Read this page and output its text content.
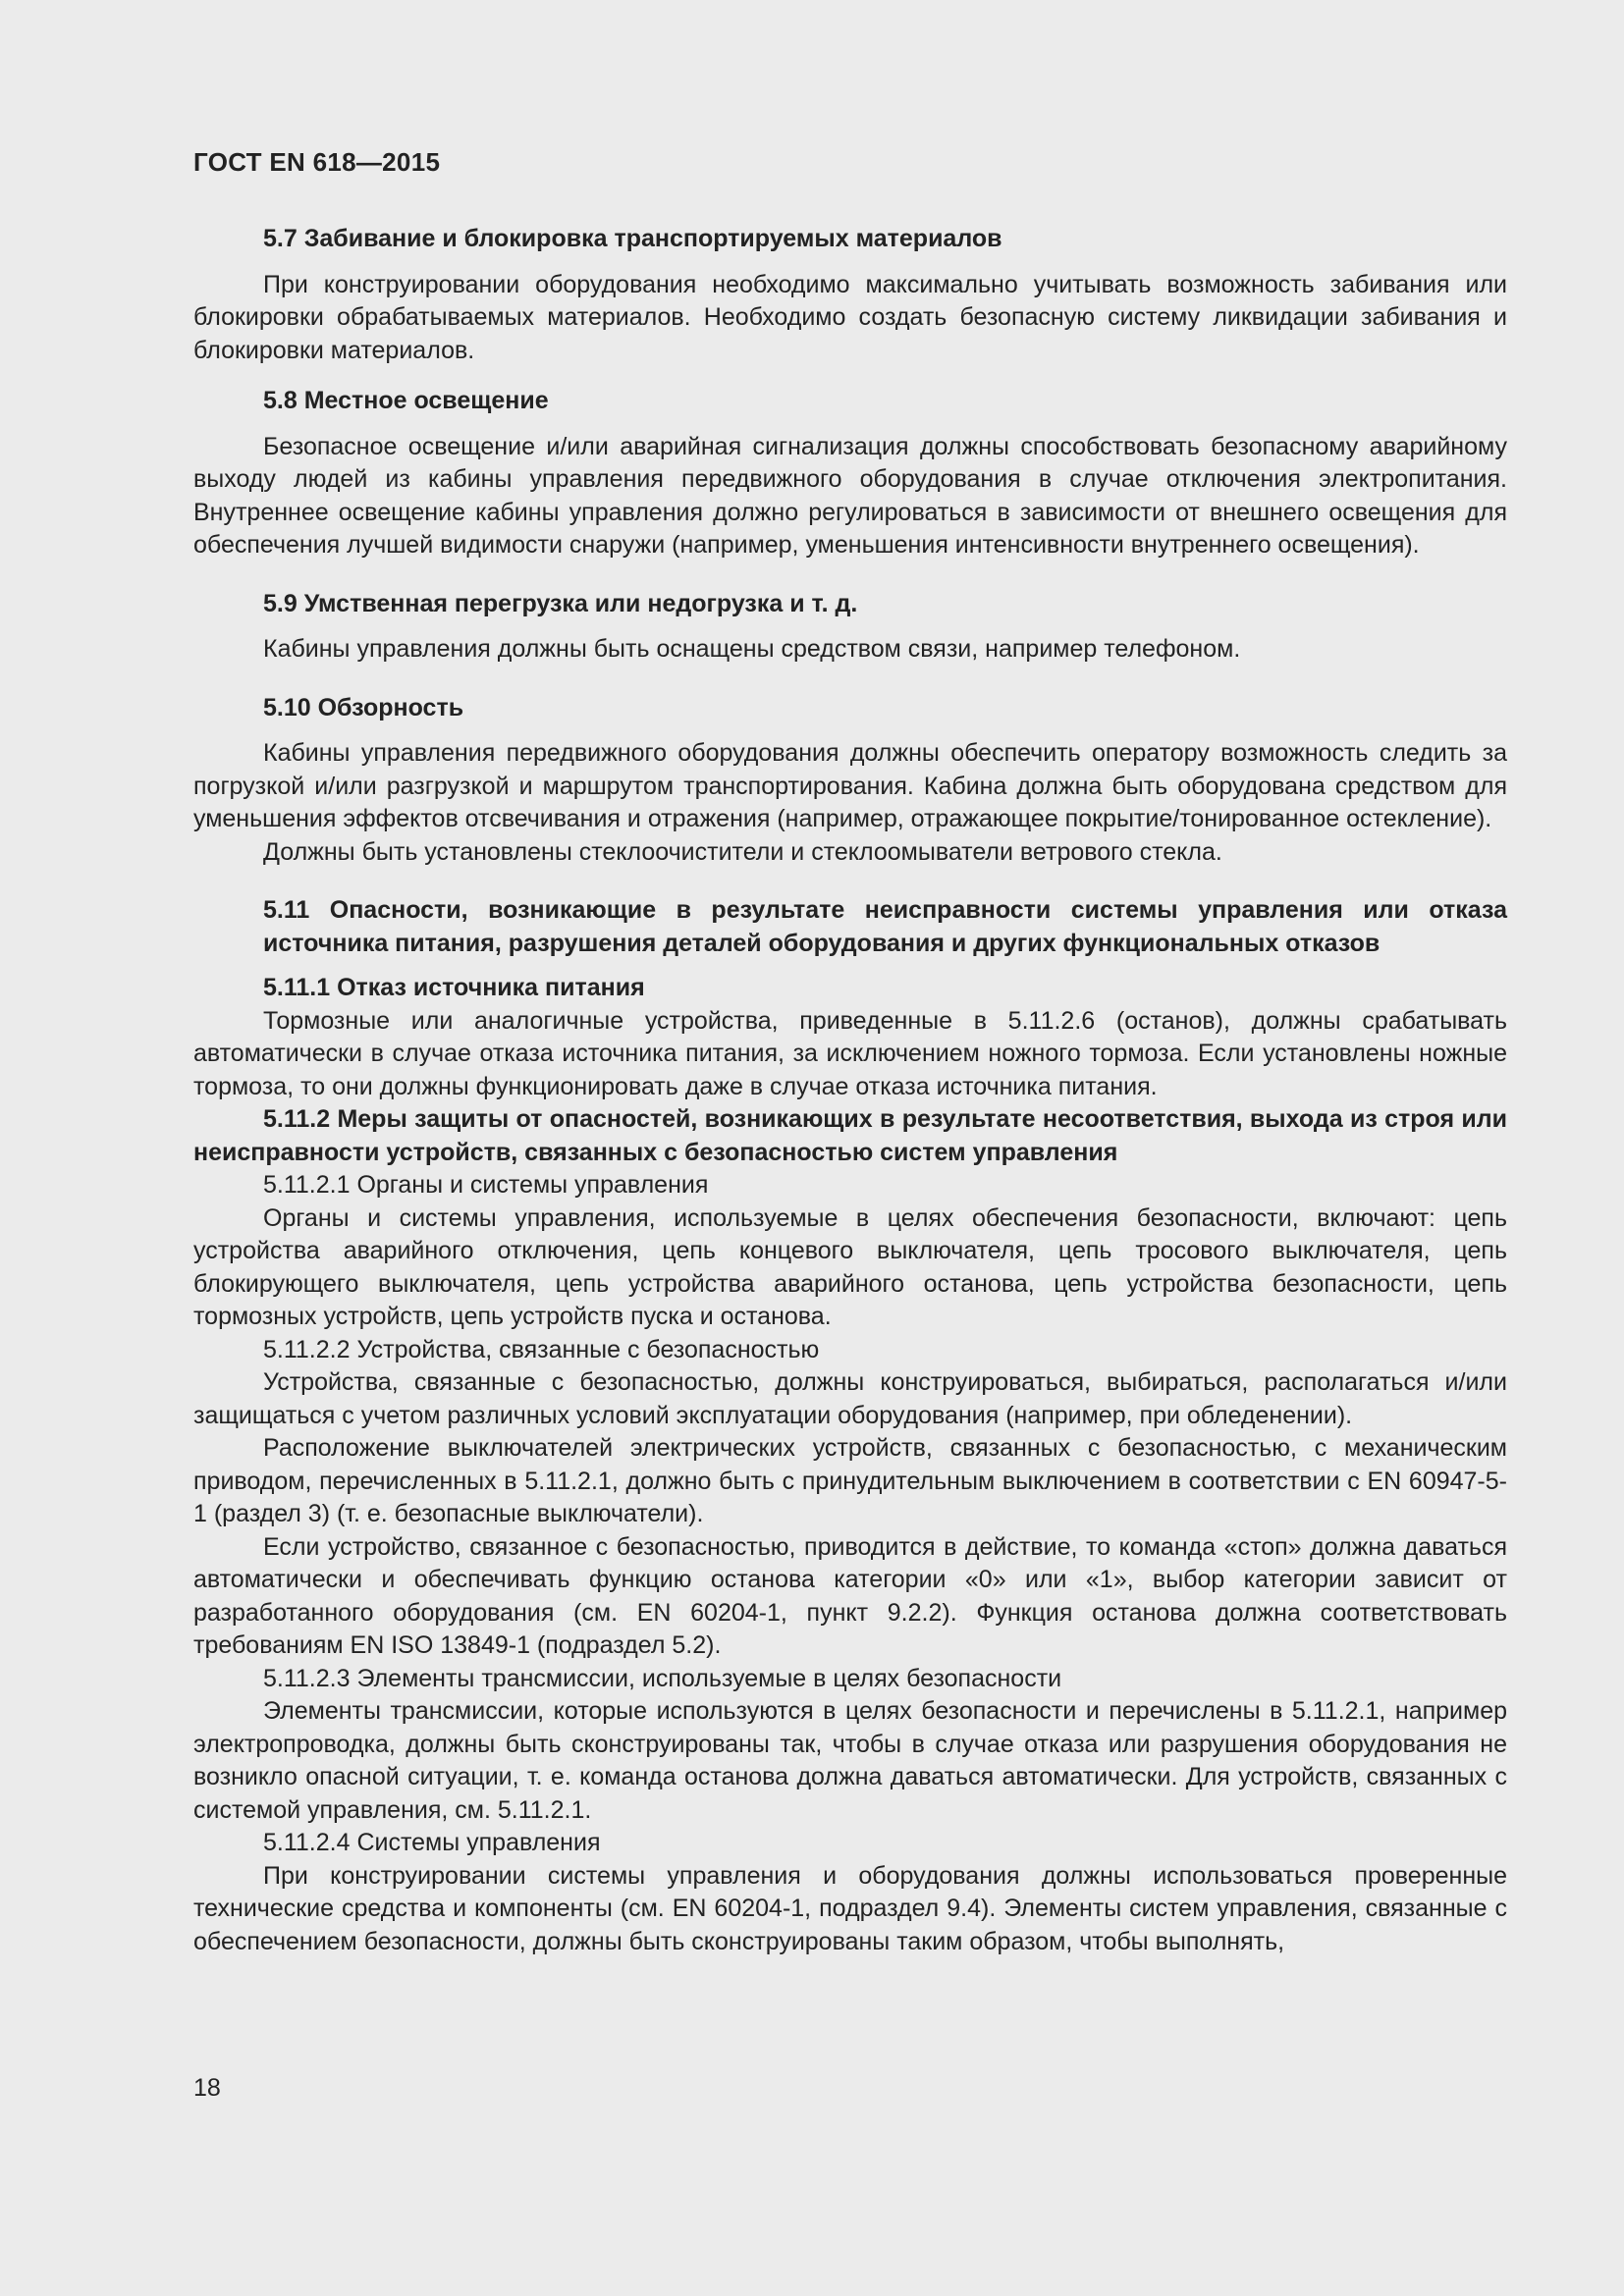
ГОСТ EN 618—2015

5.7 Забивание и блокировка транспортируемых материалов

При конструировании оборудования необходимо максимально учитывать возможность забивания или блокировки обрабатываемых материалов. Необходимо создать безопасную систему ликвидации забивания и блокировки материалов.

5.8 Местное освещение

Безопасное освещение и/или аварийная сигнализация должны способствовать безопасному аварийному выходу людей из кабины управления передвижного оборудования в случае отключения электропитания. Внутреннее освещение кабины управления должно регулироваться в зависимости от внешнего освещения для обеспечения лучшей видимости снаружи (например, уменьшения интенсивности внутреннего освещения).

5.9 Умственная перегрузка или недогрузка и т. д.

Кабины управления должны быть оснащены средством связи, например телефоном.

5.10 Обзорность

Кабины управления передвижного оборудования должны обеспечить оператору возможность следить за погрузкой и/или разгрузкой и маршрутом транспортирования. Кабина должна быть оборудована средством для уменьшения эффектов отсвечивания и отражения (например, отражающее покрытие/тонированное остекление).

Должны быть установлены стеклоочистители и стеклоомыватели ветрового стекла.

5.11 Опасности, возникающие в результате неисправности системы управления или отказа источника питания, разрушения деталей оборудования и других функциональных отказов

5.11.1 Отказ источника питания

Тормозные или аналогичные устройства, приведенные в 5.11.2.6 (останов), должны срабатывать автоматически в случае отказа источника питания, за исключением ножного тормоза. Если установлены ножные тормоза, то они должны функционировать даже в случае отказа источника питания.

5.11.2 Меры защиты от опасностей, возникающих в результате несоответствия, выхода из строя или неисправности устройств, связанных с безопасностью систем управления

5.11.2.1 Органы и системы управления

Органы и системы управления, используемые в целях обеспечения безопасности, включают: цепь устройства аварийного отключения, цепь концевого выключателя, цепь тросового выключателя, цепь блокирующего выключателя, цепь устройства аварийного останова, цепь устройства безопасности, цепь тормозных устройств, цепь устройств пуска и останова.

5.11.2.2 Устройства, связанные с безопасностью

Устройства, связанные с безопасностью, должны конструироваться, выбираться, располагаться и/или защищаться с учетом различных условий эксплуатации оборудования (например, при обледенении).

Расположение выключателей электрических устройств, связанных с безопасностью, с механическим приводом, перечисленных в 5.11.2.1, должно быть с принудительным выключением в соответствии с EN 60947-5-1 (раздел 3) (т. е. безопасные выключатели).

Если устройство, связанное с безопасностью, приводится в действие, то команда «стоп» должна даваться автоматически и обеспечивать функцию останова категории «0» или «1», выбор категории зависит от разработанного оборудования (см. EN 60204-1, пункт 9.2.2). Функция останова должна соответствовать требованиям EN ISO 13849-1 (подраздел 5.2).

5.11.2.3 Элементы трансмиссии, используемые в целях безопасности

Элементы трансмиссии, которые используются в целях безопасности и перечислены в 5.11.2.1, например электропроводка, должны быть сконструированы так, чтобы в случае отказа или разрушения оборудования не возникло опасной ситуации, т. е. команда останова должна даваться автоматически. Для устройств, связанных с системой управления, см. 5.11.2.1.

5.11.2.4 Системы управления

При конструировании системы управления и оборудования должны использоваться проверенные технические средства и компоненты (см. EN 60204-1, подраздел 9.4). Элементы систем управления, связанные с обеспечением безопасности, должны быть сконструированы таким образом, чтобы выполнять,

18
